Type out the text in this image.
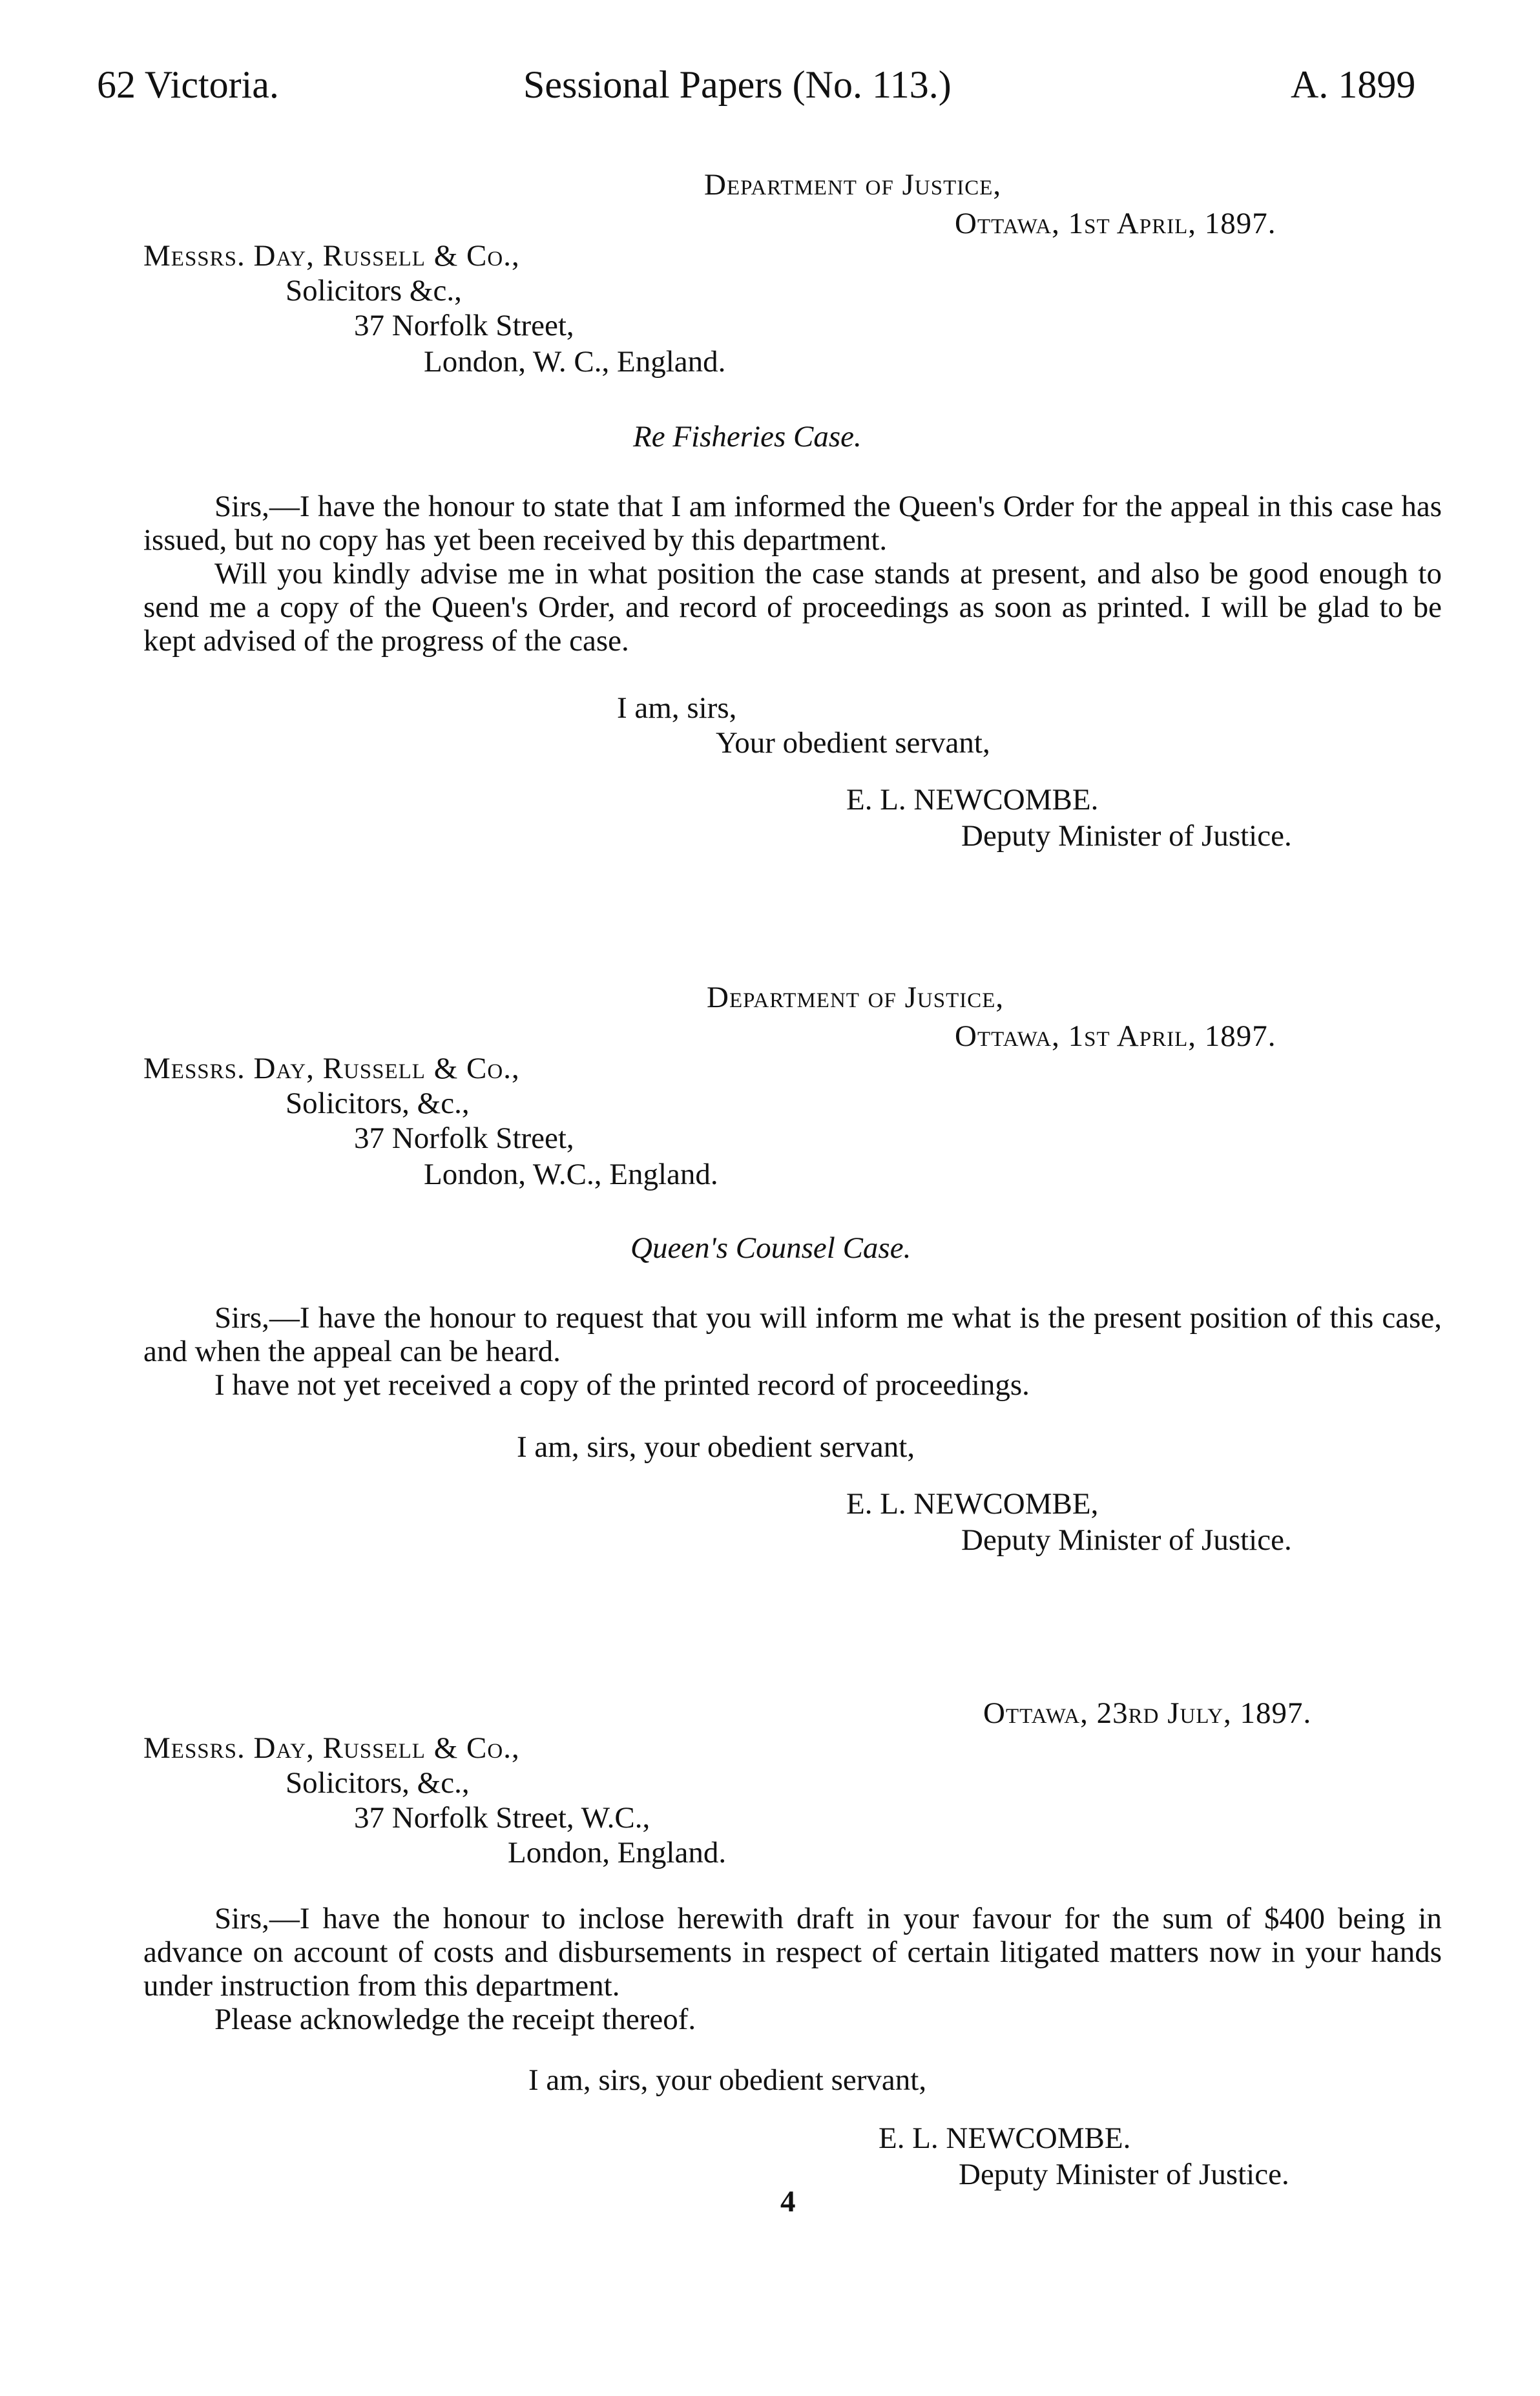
62 Victoria.	Sessional Papers (No. 113.)	A. 1899
Department of Justice,
Ottawa, 1st April, 1897.
Messrs. Day, Russell & Co.,
Solicitors &c.,
37 Norfolk Street,
London, W. C., England.
Re Fisheries Case.

Sirs,—I have the honour to state that I am informed the Queen's Order for the appeal in this case has issued, but no copy has yet been received by this department.

Will you kindly advise me in what position the case stands at present, and also be good enough to send me a copy of the Queen's Order, and record of proceedings as soon as printed. I will be glad to be kept advised of the progress of the case.

I am, sirs,
Your obedient servant,
E. L. NEWCOMBE.
Deputy Minister of Justice.
Department of Justice,
Ottawa, 1st April, 1897.
Messrs. Day, Russell & Co.,
Solicitors, &c.,
37 Norfolk Street,
London, W.C., England.
Queen's Counsel Case.

Sirs,—I have the honour to request that you will inform me what is the present position of this case, and when the appeal can be heard.

I have not yet received a copy of the printed record of proceedings.

I am, sirs, your obedient servant,
E. L. NEWCOMBE,
Deputy Minister of Justice.
Ottawa, 23rd July, 1897.
Messrs. Day, Russell & Co.,
Solicitors, &c.,
37 Norfolk Street, W.C.,
London, England.

Sirs,—I have the honour to inclose herewith draft in your favour for the sum of $400 being in advance on account of costs and disbursements in respect of certain litigated matters now in your hands under instruction from this department.

Please acknowledge the receipt thereof.

I am, sirs, your obedient servant,
E. L. NEWCOMBE.
Deputy Minister of Justice.
4
